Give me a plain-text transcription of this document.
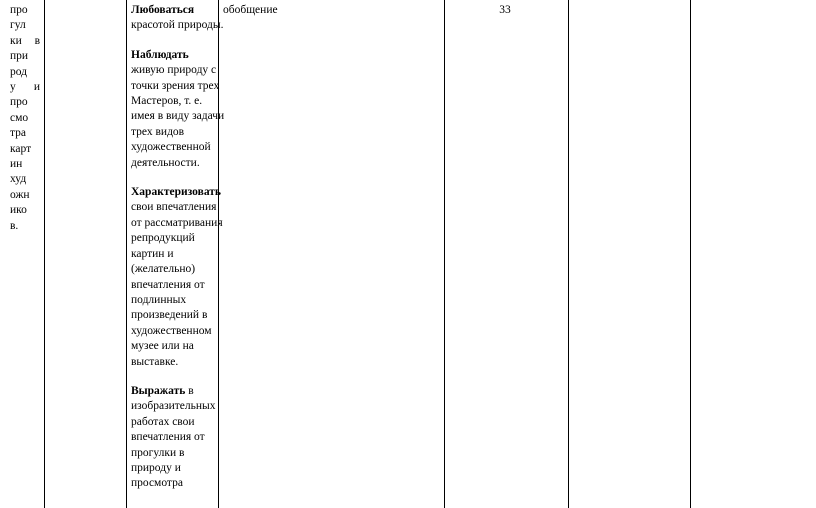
про
гул
ки в
при
род
у и
про
смо
тра
карт
ин
худ
ожн
ико
в.

Любоваться красотой природы.

Наблюдать живую природу с точки зрения трех Мастеров, т. е. имея в виду задачи трех видов художественной деятельности.

Характеризовать свои впечатления от рассматривания репродукций картин и (желательно) впечатления от подлинных произведений в художественном музее или на выставке.

Выражать в изобразительных работах свои впечатления от прогулки в природу и просмотра

обобщение	33
